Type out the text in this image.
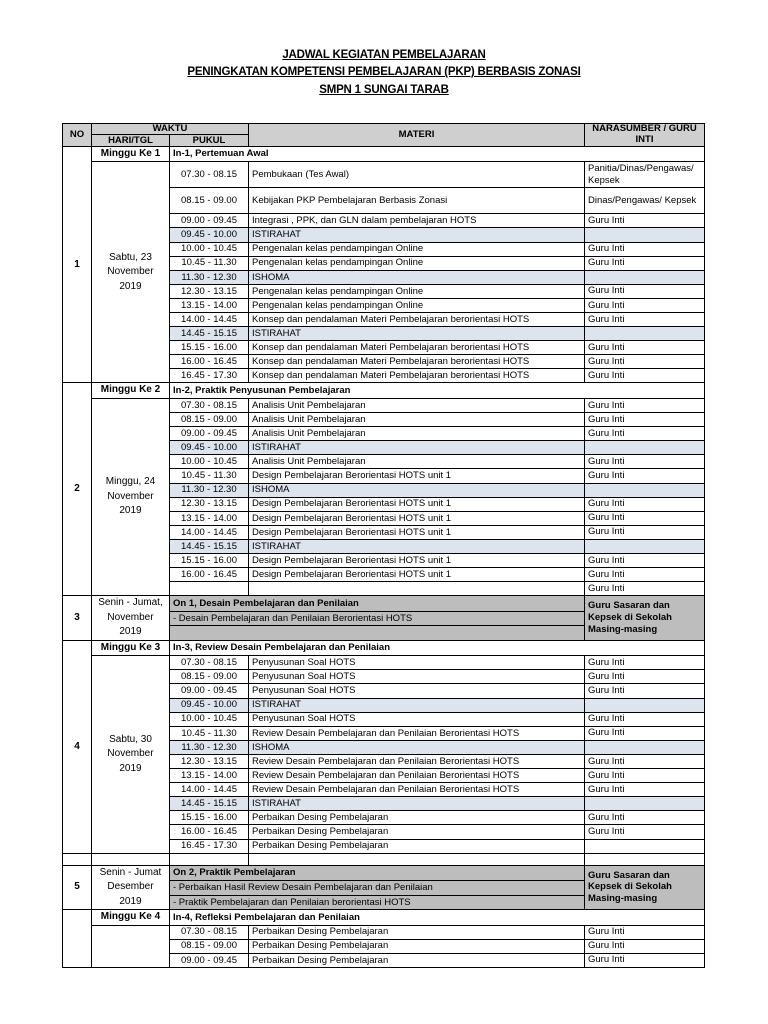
JADWAL KEGIATAN PEMBELAJARAN
PENINGKATAN KOMPETENSI PEMBELAJARAN (PKP) BERBASIS ZONASI
SMPN 1 SUNGAI TARAB
NO	WAKTU		MATERI	NARASUMBER / GURU INTI
	HARI/TGL	PUKUL		
1	Minggu Ke 1	In-1, Pertemuan Awal		
	Sabtu, 23 November 2019	07.30 - 08.15	Pembukaan (Tes Awal)	Panitia/Dinas/Pengawas/ Kepsek
		08.15 - 09.00	Kebijakan PKP Pembelajaran Berbasis Zonasi	Dinas/Pengawas/ Kepsek
		09.00 - 09.45	Integrasi , PPK, dan GLN dalam pembelajaran HOTS	Guru Inti
		09.45 - 10.00	ISTIRAHAT	
		10.00 - 10.45	Pengenalan kelas pendampingan Online	Guru Inti
		10.45 - 11.30	Pengenalan kelas pendampingan Online	Guru Inti
		11.30 - 12.30	ISHOMA	
		12.30 - 13.15	Pengenalan kelas pendampingan Online	Guru Inti
		13.15 - 14.00	Pengenalan kelas pendampingan Online	Guru Inti
		14.00 - 14.45	Konsep dan pendalaman Materi Pembelajaran berorientasi HOTS	Guru Inti
		14.45 - 15.15	ISTIRAHAT	
		15.15 - 16.00	Konsep dan pendalaman Materi Pembelajaran berorientasi HOTS	Guru Inti
		16.00 - 16.45	Konsep dan pendalaman Materi Pembelajaran berorientasi HOTS	Guru Inti
		16.45 - 17.30	Konsep dan pendalaman Materi Pembelajaran berorientasi HOTS	Guru Inti
2	Minggu Ke 2	In-2, Praktik Penyusunan Pembelajaran		
	Minggu, 24 November 2019	07.30 - 08.15	Analisis Unit Pembelajaran	Guru Inti
		08.15 - 09.00	Analisis Unit Pembelajaran	Guru Inti
		09.00 - 09.45	Analisis Unit Pembelajaran	Guru Inti
		09.45 - 10.00	ISTIRAHAT	
		10.00 - 10.45	Analisis Unit Pembelajaran	Guru Inti
		10.45 - 11.30	Design Pembelajaran Berorientasi HOTS unit 1	Guru Inti
		11.30 - 12.30	ISHOMA	
		12.30 - 13.15	Design Pembelajaran Berorientasi HOTS unit 1	Guru Inti
		13.15 - 14.00	Design Pembelajaran Berorientasi HOTS unit 1	Guru Inti
		14.00 - 14.45	Design Pembelajaran Berorientasi HOTS unit 1	Guru Inti
		14.45 - 15.15	ISTIRAHAT	
		15.15 - 16.00	Design Pembelajaran Berorientasi HOTS unit 1	Guru Inti
		16.00 - 16.45	Design Pembelajaran Berorientasi HOTS unit 1	Guru Inti
				Guru Inti
3	Senin - Jumat, November 2019	On 1, Desain Pembelajaran dan Penilaian		Guru Sasaran dan Kepsek di Sekolah Masing-masing
		- Desain Pembelajaran dan Penilaian Berorientasi HOTS		

4	Minggu Ke 3	In-3, Review Desain Pembelajaran dan Penilaian		
	Sabtu, 30 November 2019	07.30 - 08.15	Penyusunan Soal HOTS	Guru Inti
		08.15 - 09.00	Penyusunan Soal HOTS	Guru Inti
		09.00 - 09.45	Penyusunan Soal HOTS	Guru Inti
		09.45 - 10.00	ISTIRAHAT	
		10.00 - 10.45	Penyusunan Soal HOTS	Guru Inti
		10.45 - 11.30	Review Desain Pembelajaran dan Penilaian Berorientasi HOTS	Guru Inti
		11.30 - 12.30	ISHOMA	
		12.30 - 13.15	Review Desain Pembelajaran dan Penilaian Berorientasi HOTS	Guru Inti
		13.15 - 14.00	Review Desain Pembelajaran dan Penilaian Berorientasi HOTS	Guru Inti
		14.00 - 14.45	Review Desain Pembelajaran dan Penilaian Berorientasi HOTS	Guru Inti
		14.45 - 15.15	ISTIRAHAT	
		15.15 - 16.00	Perbaikan Desing Pembelajaran	Guru Inti
		16.00 - 16.45	Perbaikan Desing Pembelajaran	Guru Inti
		16.45 - 17.30	Perbaikan Desing Pembelajaran	

5	Senin - Jumat Desember 2019	On 2, Praktik Pembelajaran		Guru Sasaran dan Kepsek di Sekolah Masing-masing
		- Perbaikan Hasil Review Desain Pembelajaran dan Penilaian		
		- Praktik Pembelajaran dan Penilaian berorientasi HOTS		
	Minggu Ke 4	In-4, Refleksi Pembelajaran dan Penilaian		
		07.30 - 08.15	Perbaikan Desing Pembelajaran	Guru Inti
		08.15 - 09.00	Perbaikan Desing Pembelajaran	Guru Inti
		09.00 - 09.45	Perbaikan Desing Pembelajaran	Guru Inti
